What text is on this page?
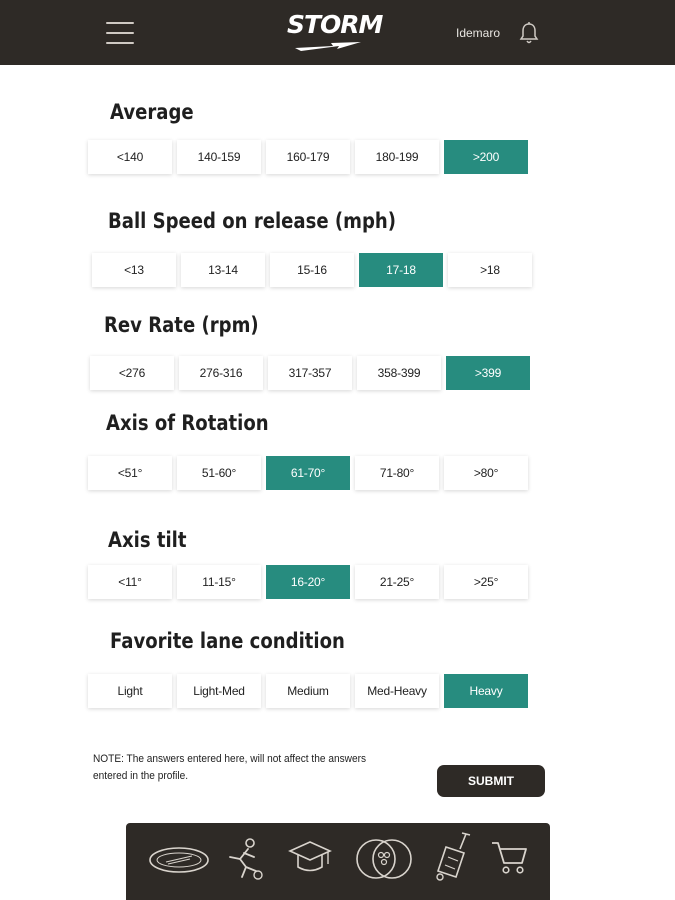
STORM	Idemaro
Average
<140	140-159	160-179	180-199	>200
Ball Speed on release (mph)
<13	13-14	15-16	17-18	>18
Rev Rate (rpm)
<276	276-316	317-357	358-399	>399
Axis of Rotation
<51°	51-60°	61-70°	71-80°	>80°
Axis tilt
<11°	11-15°	16-20°	21-25°	>25°
Favorite lane condition
Light	Light-Med	Medium	Med-Heavy	Heavy
NOTE: The answers entered here, will not affect the answers entered in the profile.	SUBMIT
